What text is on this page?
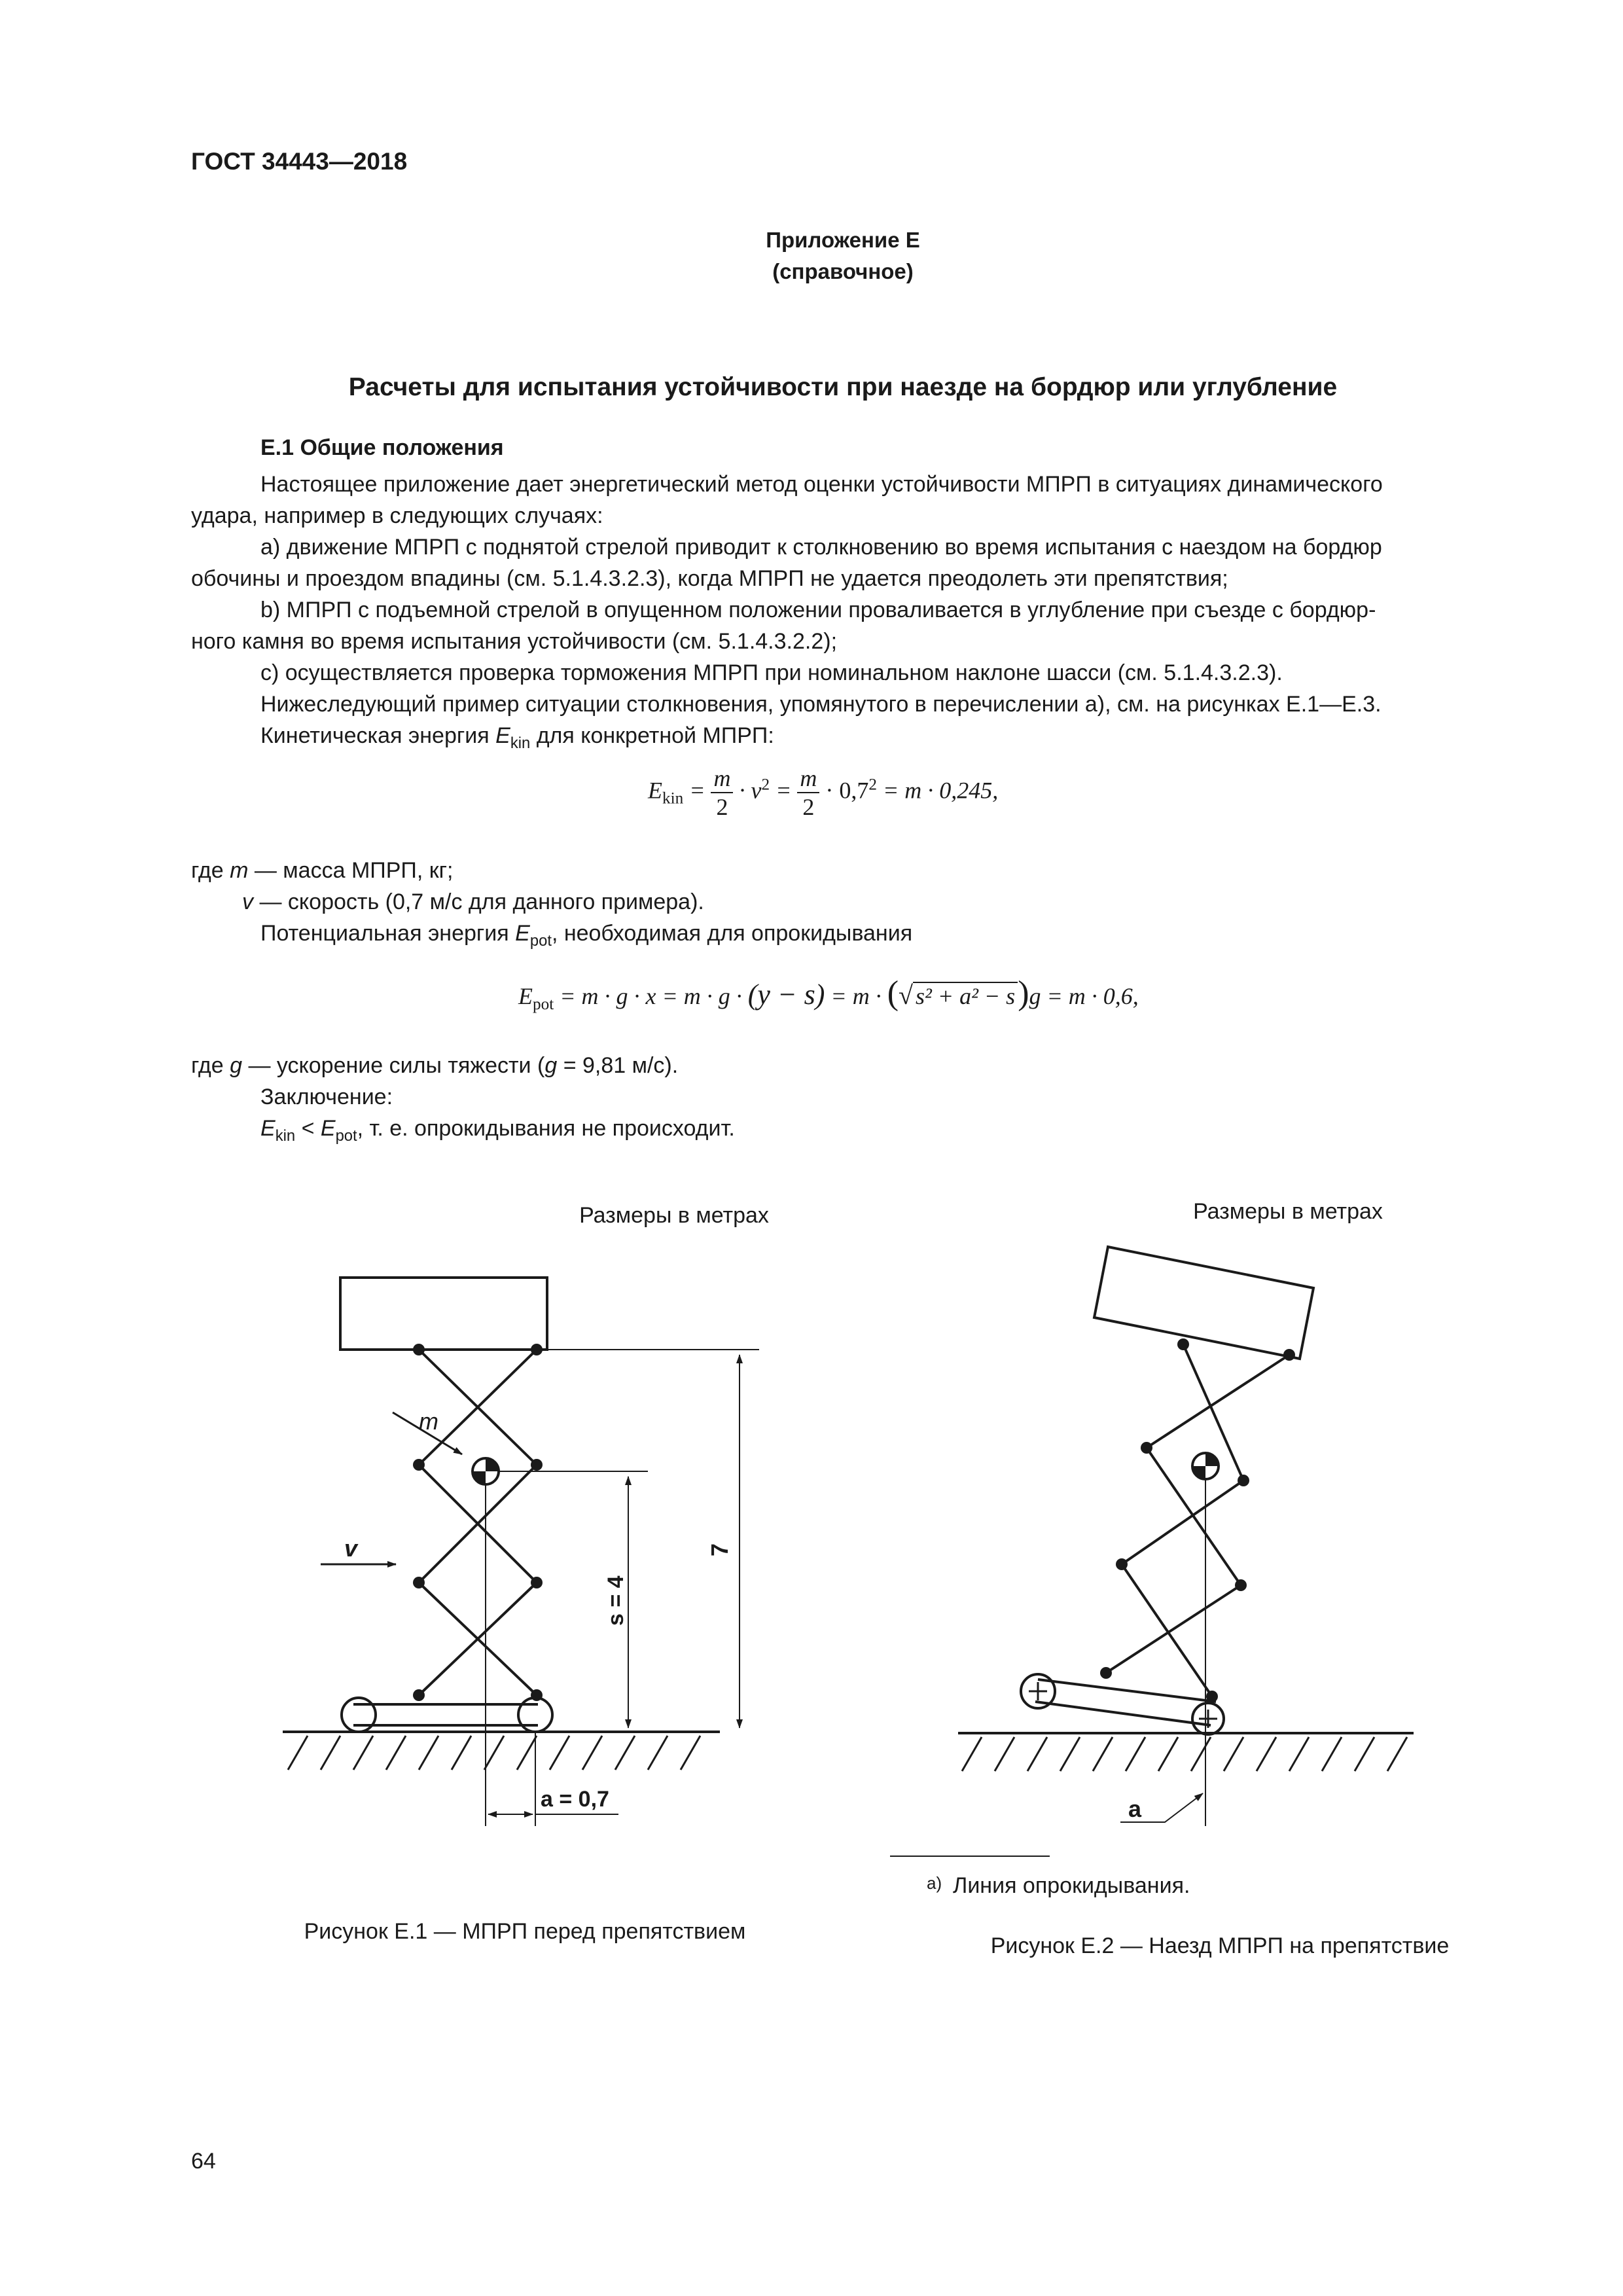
ГОСТ 34443—2018
Приложение Е
(справочное)
Расчеты для испытания устойчивости при наезде на бордюр или углубление
Е.1 Общие положения
Настоящее приложение дает энергетический метод оценки устойчивости МПРП в ситуациях динамического
удара, например в следующих случаях:
а) движение МПРП с поднятой стрелой приводит к столкновению во время испытания с наездом на бордюр
обочины и проездом впадины (см. 5.1.4.3.2.3), когда МПРП не удается преодолеть эти препятствия;
b) МПРП с подъемной стрелой в опущенном положении проваливается в углубление при съезде с бордюр-
ного камня во время испытания устойчивости (см. 5.1.4.3.2.2);
с) осуществляется проверка торможения МПРП при номинальном наклоне шасси (см. 5.1.4.3.2.3).
Нижеследующий пример ситуации столкновения, упомянутого в перечислении а), см. на рисунках Е.1—Е.3.
Кинетическая энергия $E_{kin}$ для конкретной МПРП:
$E_{kin} = \frac{m}{2} \cdot v^2 = \frac{m}{2} \cdot 0,7^2 = m \cdot 0,245$,
где m — масса МПРП, кг;
v — скорость (0,7 м/с для данного примера).
Потенциальная энергия $E_{pot}$, необходимая для опрокидывания
$E_{pot} = m \cdot g \cdot x = m \cdot g \cdot (y - s) = m$ · (√ s² + a² − s)g = m · 0,6,
где g — ускорение силы тяжести (g = 9,81 м/с).
Заключение:
$E_{kin} < E_{pot}$, т. е. опрокидывания не происходит.
Размеры в метрах
m
v	7
s = 4
a = 0,7
Рисунок Е.1 — МПРП перед препятствием
Размеры в метрах
a
а) Линия опрокидывания.
Рисунок Е.2 — Наезд МПРП на препятствие
64
